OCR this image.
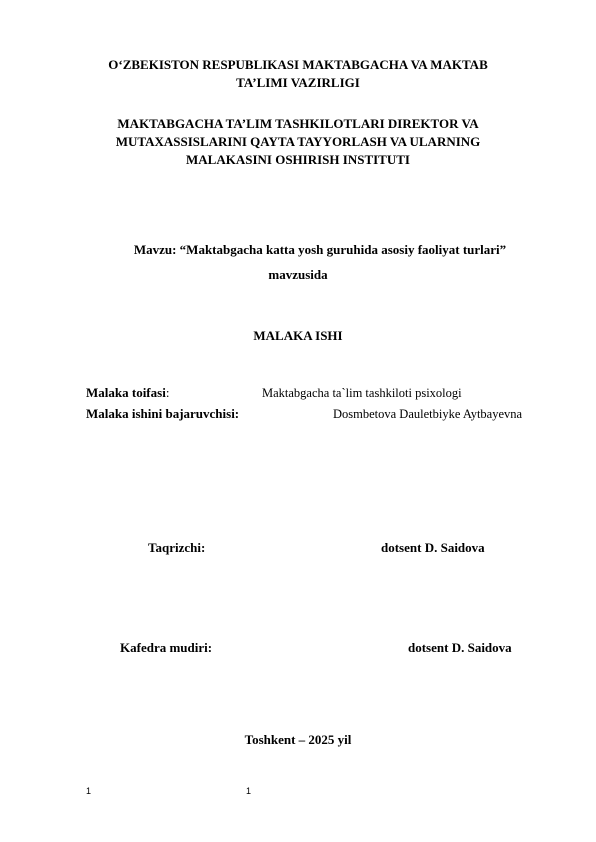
O‘ZBEKISTON RESPUBLIKASI MAKTABGACHA VA MAKTAB
TA’LIMI VAZIRLIGI
MAKTABGACHA TA’LIM TASHKILOTLARI DIREKTOR VA
MUTAXASSISLARINI QAYTA TAYYORLASH VA ULARNING
MALAKASINI OSHIRISH INSTITUTI
Mavzu: “Maktabgacha katta yosh guruhida asosiy faoliyat turlari”
mavzusida
MALAKA ISHI
Malaka toifasi:	Maktabgacha ta`lim tashkiloti psixologi
Malaka ishini bajaruvchisi:	Dosmbetova Dauletbiyke Aytbayevna
Taqrizchi:	dotsent D. Saidova
Kafedra mudiri:	dotsent D. Saidova
Toshkent – 2025 yil
1	1
